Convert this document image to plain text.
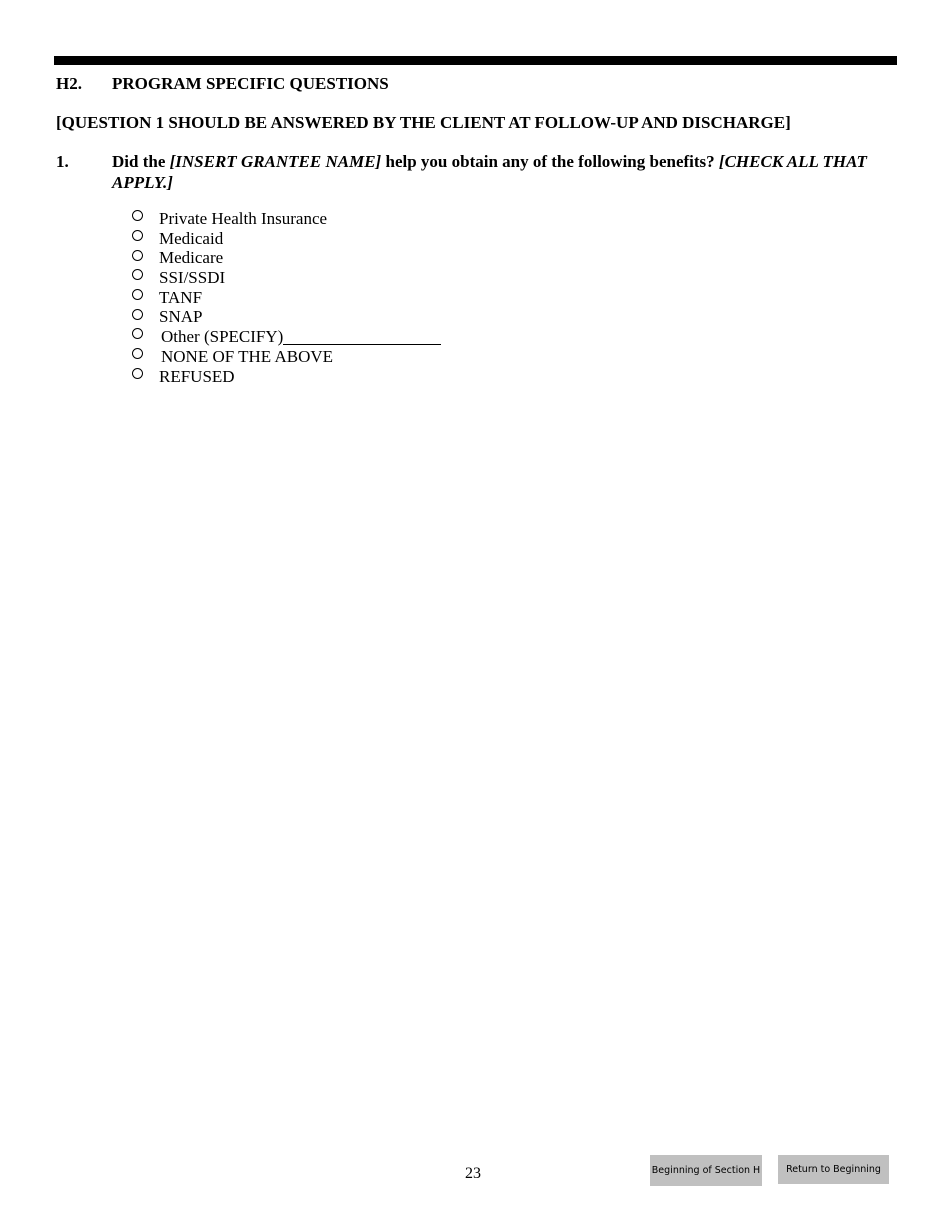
H2. PROGRAM SPECIFIC QUESTIONS
[QUESTION 1 SHOULD BE ANSWERED BY THE CLIENT AT FOLLOW-UP AND DISCHARGE]
1.	Did the [INSERT GRANTEE NAME] help you obtain any of the following benefits? [CHECK ALL THAT APPLY.]
Private Health Insurance
Medicaid
Medicare
SSI/SSDI
TANF
SNAP
Other (SPECIFY)
NONE OF THE ABOVE
REFUSED
23	Beginning of Section H	Return to Beginning
